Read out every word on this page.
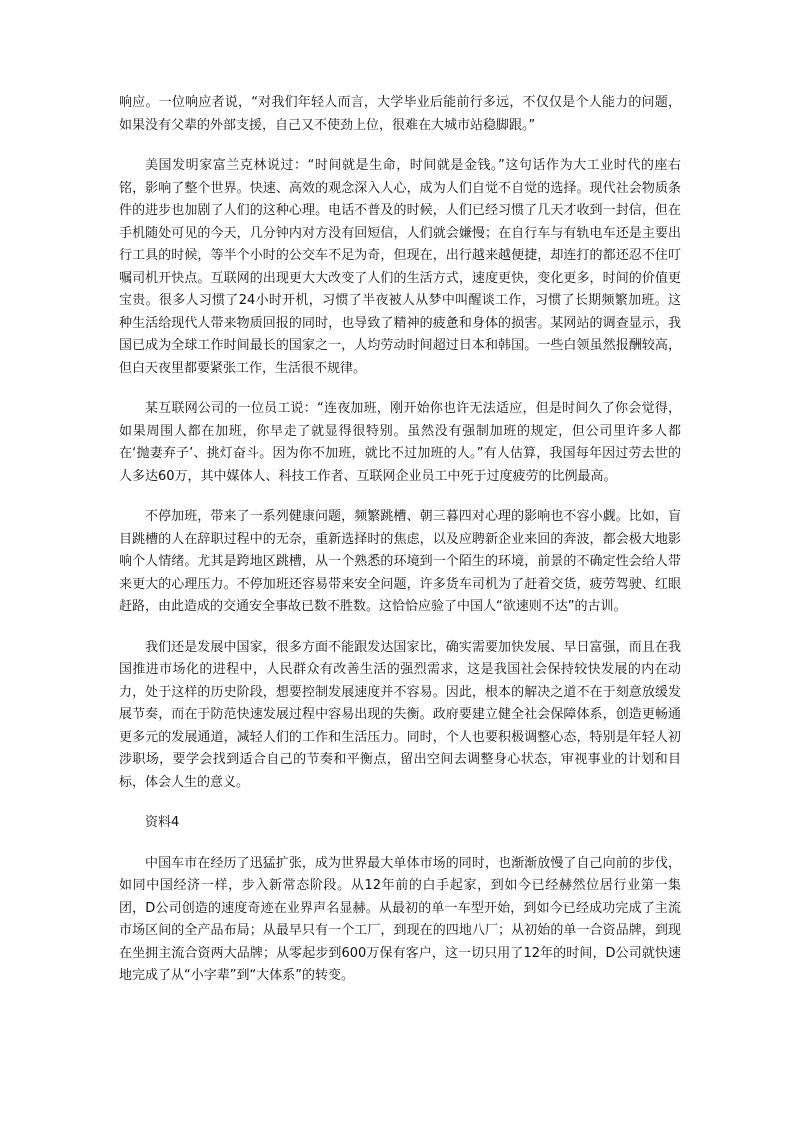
响应。一位响应者说，“对我们年轻人而言，大学毕业后能前行多远，不仅仅是个人能力的问题，如果没有父辈的外部支援，自己又不使劲上位，很难在大城市站稳脚跟。”

美国发明家富兰克林说过：“时间就是生命，时间就是金钱。”这句话作为大工业时代的座右铭，影响了整个世界。快速、高效的观念深入人心，成为人们自觉不自觉的选择。现代社会物质条件的进步也加剧了人们的这种心理。电话不普及的时候，人们已经习惯了几天才收到一封信，但在手机随处可见的今天，几分钟内对方没有回短信，人们就会嫌慢；在自行车与有轨电车还是主要出行工具的时候，等半个小时的公交车不足为奇，但现在，出行越来越便捷，却连打的都还忍不住叮嘱司机开快点。互联网的出现更大大改变了人们的生活方式，速度更快，变化更多，时间的价值更宝贵。很多人习惯了24小时开机，习惯了半夜被人从梦中叫醒谈工作，习惯了长期频繁加班。这种生活给现代人带来物质回报的同时，也导致了精神的疲惫和身体的损害。某网站的调查显示，我国已成为全球工作时间最长的国家之一，人均劳动时间超过日本和韩国。一些白领虽然报酬较高，但白天夜里都要紧张工作，生活很不规律。

某互联网公司的一位员工说：“连夜加班，刚开始你也许无法适应，但是时间久了你会觉得，如果周围人都在加班，你早走了就显得很特别。虽然没有强制加班的规定，但公司里许多人都在‘抛妻弃子’、挑灯奋斗。因为你不加班，就比不过加班的人。”有人估算，我国每年因过劳去世的人多达60万，其中媒体人、科技工作者、互联网企业员工中死于过度疲劳的比例最高。

不停加班，带来了一系列健康问题，频繁跳槽、朝三暮四对心理的影响也不容小觑。比如，盲目跳槽的人在辞职过程中的无奈，重新选择时的焦虑，以及应聘新企业来回的奔波，都会极大地影响个人情绪。尤其是跨地区跳槽，从一个熟悉的环境到一个陌生的环境，前景的不确定性会给人带来更大的心理压力。不停加班还容易带来安全问题，许多货车司机为了赶着交货，疲劳驾驶、红眼赶路，由此造成的交通安全事故已数不胜数。这恰恰应验了中国人“欲速则不达”的古训。

我们还是发展中国家，很多方面不能跟发达国家比，确实需要加快发展、早日富强，而且在我国推进市场化的进程中，人民群众有改善生活的强烈需求，这是我国社会保持较快发展的内在动力，处于这样的历史阶段，想要控制发展速度并不容易。因此，根本的解决之道不在于刻意放缓发展节奏，而在于防范快速发展过程中容易出现的失衡。政府要建立健全社会保障体系，创造更畅通更多元的发展通道，减轻人们的工作和生活压力。同时，个人也要积极调整心态，特别是年轻人初涉职场，要学会找到适合自己的节奏和平衡点，留出空间去调整身心状态，审视事业的计划和目标，体会人生的意义。

资料4

中国车市在经历了迅猛扩张，成为世界最大单体市场的同时，也渐渐放慢了自己向前的步伐，如同中国经济一样，步入新常态阶段。从12年前的白手起家，到如今已经赫然位居行业第一集团，D公司创造的速度奇迹在业界声名显赫。从最初的单一车型开始，到如今已经成功完成了主流市场区间的全产品布局；从最早只有一个工厂，到现在的四地八厂；从初始的单一合资品牌，到现在坐拥主流合资两大品牌；从零起步到600万保有客户，这一切只用了12年的时间，D公司就快速地完成了从“小字辈”到“大体系”的转变。
